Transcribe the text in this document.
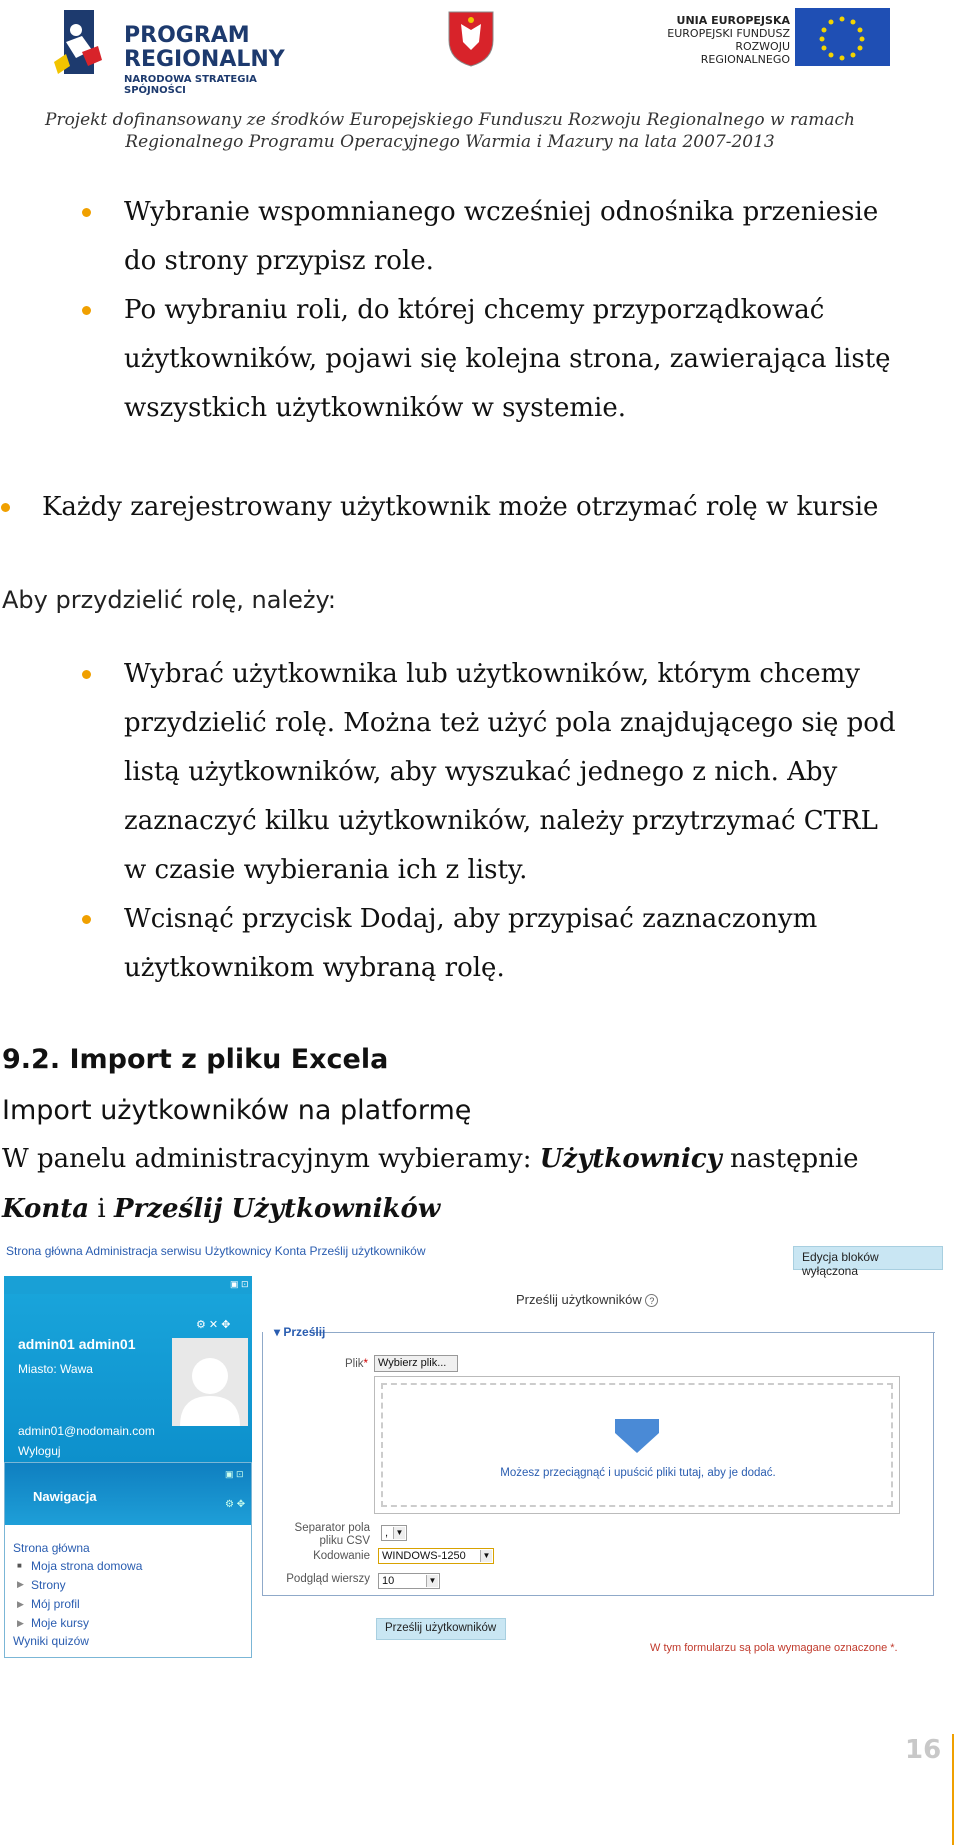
PROGRAM
REGIONALNY
NARODOWA STRATEGIA SPÓJNOŚCI
UNIA EUROPEJSKA
EUROPEJSKI FUNDUSZ
ROZWOJU REGIONALNEGO
Projekt dofinansowany ze środków Europejskiego Funduszu Rozwoju Regionalnego w ramach
Regionalnego Programu Operacyjnego Warmia i Mazury na lata 2007-2013
Wybranie wspomnianego wcześniej odnośnika przeniesie
do strony przypisz role.
Po wybraniu roli, do której chcemy przyporządkować
użytkowników, pojawi się kolejna strona, zawierająca listę
wszystkich użytkowników w systemie.
Każdy zarejestrowany użytkownik może otrzymać rolę w kursie
Aby przydzielić rolę, należy:
Wybrać użytkownika lub użytkowników, którym chcemy
przydzielić rolę. Można też użyć pola znajdującego się pod
listą użytkowników, aby wyszukać jednego z nich. Aby
zaznaczyć kilku użytkowników, należy przytrzymać CTRL
w czasie wybierania ich z listy.
Wcisnąć przycisk Dodaj, aby przypisać zaznaczonym
użytkownikom wybraną rolę.
9.2. Import z pliku Excela
Import użytkowników na platformę
W panelu administracyjnym wybieramy: Użytkownicy następnie
Konta i Prześlij Użytkowników
Strona główna Administracja serwisu Użytkownicy Konta Prześlij użytkowników	Edycja bloków wyłączona
▣ ⊡
admin01 admin01
Miasto: Wawa
⚙ ✕ ✥
admin01@nodomain.com
Wyloguj
Nawigacja
▣ ⊡
⚙ ✥
Strona główna
■ Moja strona domowa
▶ Strony
▶ Mój profil
▶ Moje kursy
Wyniki quizów
Prześlij użytkowników ?
▾ Prześlij
Plik* Wybierz plik...
Możesz przeciągnąć i upuścić pliki tutaj, aby je dodać.
Separator pola
pliku CSV
, ▼
Kodowanie	WINDOWS-1250	▼
Podgląd wierszy	10	▼
Prześlij użytkowników
W tym formularzu są pola wymagane oznaczone *.
16
